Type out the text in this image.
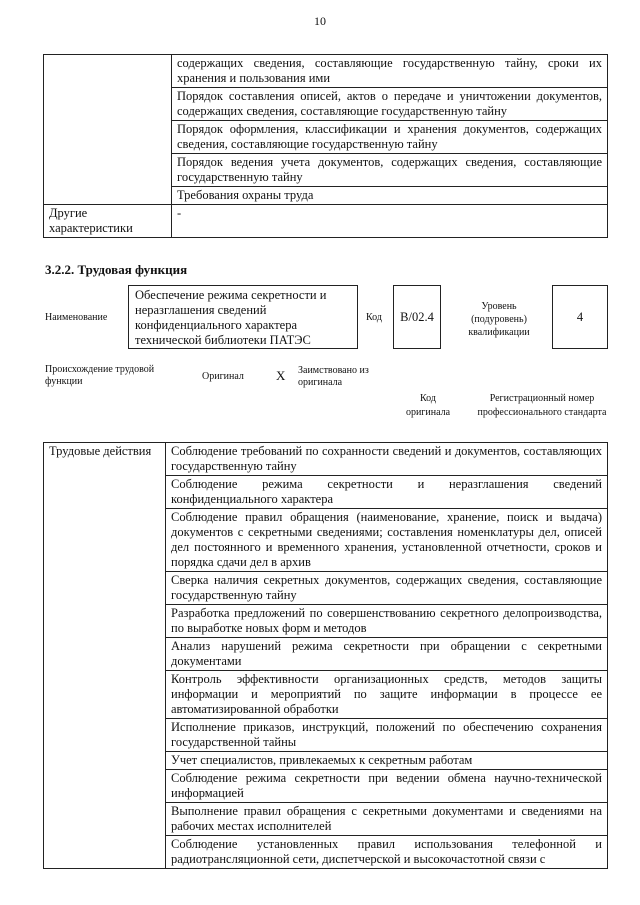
10
	содержащих сведения, составляющие государственную тайну, сроки их хранения и пользования ими
	Порядок составления описей, актов о передаче и уничтожении документов, содержащих сведения, составляющие государственную тайну
	Порядок оформления, классификации и хранения документов, содержащих сведения, составляющие государственную тайну
	Порядок ведения учета документов, содержащих сведения, составляющие государственную тайну
	Требования охраны труда
Другие характеристики	-
3.2.2. Трудовая функция
Наименование
Обеспечение режима секретности и неразглашения сведений конфиденциального характера технической библиотеки ПАТЭС
Код	B/02.4
Уровень (подуровень) квалификации
4
Происхождение трудовой функции	Оригинал X Заимствовано из оригинала
Код оригинала
Регистрационный номер профессионального стандарта
Трудовые действия	Соблюдение требований по сохранности сведений и документов, составляющих государственную тайну
Соблюдение режима секретности и неразглашения сведений конфиденциального характера
Соблюдение правил обращения (наименование, хранение, поиск и выдача) документов с секретными сведениями; составления номенклатуры дел, описей дел постоянного и временного хранения, установленной отчетности, сроков и порядка сдачи дел в архив
Сверка наличия секретных документов, содержащих сведения, составляющие государственную тайну
Разработка предложений по совершенствованию секретного делопроизводства, по выработке новых форм и методов
Анализ нарушений режима секретности при обращении с секретными документами
Контроль эффективности организационных средств, методов защиты информации и мероприятий по защите информации в процессе ее автоматизированной обработки
Исполнение приказов, инструкций, положений по обеспечению сохранения государственной тайны
Учет специалистов, привлекаемых к секретным работам
Соблюдение режима секретности при ведении обмена научно-технической информацией
Выполнение правил обращения с секретными документами и сведениями на рабочих местах исполнителей
Соблюдение установленных правил использования телефонной и радиотрансляционной сети, диспетчерской и высокочастотной связи с
